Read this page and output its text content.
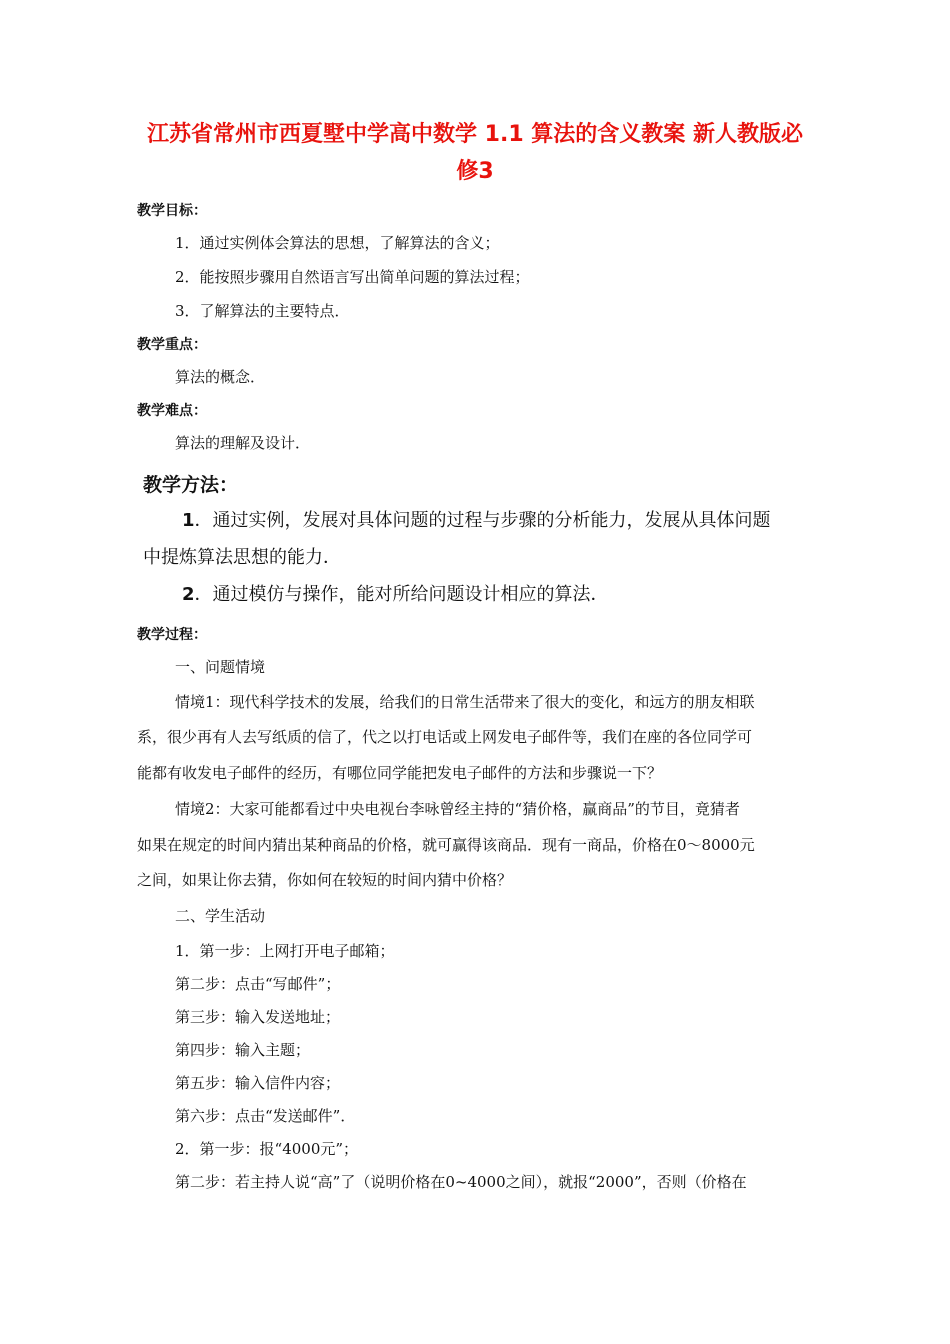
江苏省常州市西夏墅中学高中数学 1.1 算法的含义教案 新人教版必
修3
教学目标：
1．通过实例体会算法的思想，了解算法的含义；
2．能按照步骤用自然语言写出简单问题的算法过程；
3．了解算法的主要特点．
教学重点：
算法的概念．
教学难点：
算法的理解及设计．
教学方法：
1．通过实例，发展对具体问题的过程与步骤的分析能力，发展从具体问题
中提炼算法思想的能力．
2．通过模仿与操作，能对所给问题设计相应的算法．
教学过程：
一、问题情境
情境1：现代科学技术的发展，给我们的日常生活带来了很大的变化，和远方的朋友相联
系，很少再有人去写纸质的信了，代之以打电话或上网发电子邮件等，我们在座的各位同学可
能都有收发电子邮件的经历，有哪位同学能把发电子邮件的方法和步骤说一下？
情境2：大家可能都看过中央电视台李咏曾经主持的“猜价格，赢商品”的节目，竟猜者
如果在规定的时间内猜出某种商品的价格，就可赢得该商品．现有一商品，价格在0～8000元
之间，如果让你去猜，你如何在较短的时间内猜中价格？
二、学生活动
1．第一步：上网打开电子邮箱；
第二步：点击“写邮件”；
第三步：输入发送地址；
第四步：输入主题；
第五步：输入信件内容；
第六步：点击“发送邮件”．
2．第一步：报“4000元”；
第二步：若主持人说“高”了（说明价格在0~4000之间），就报“2000”，否则（价格在
